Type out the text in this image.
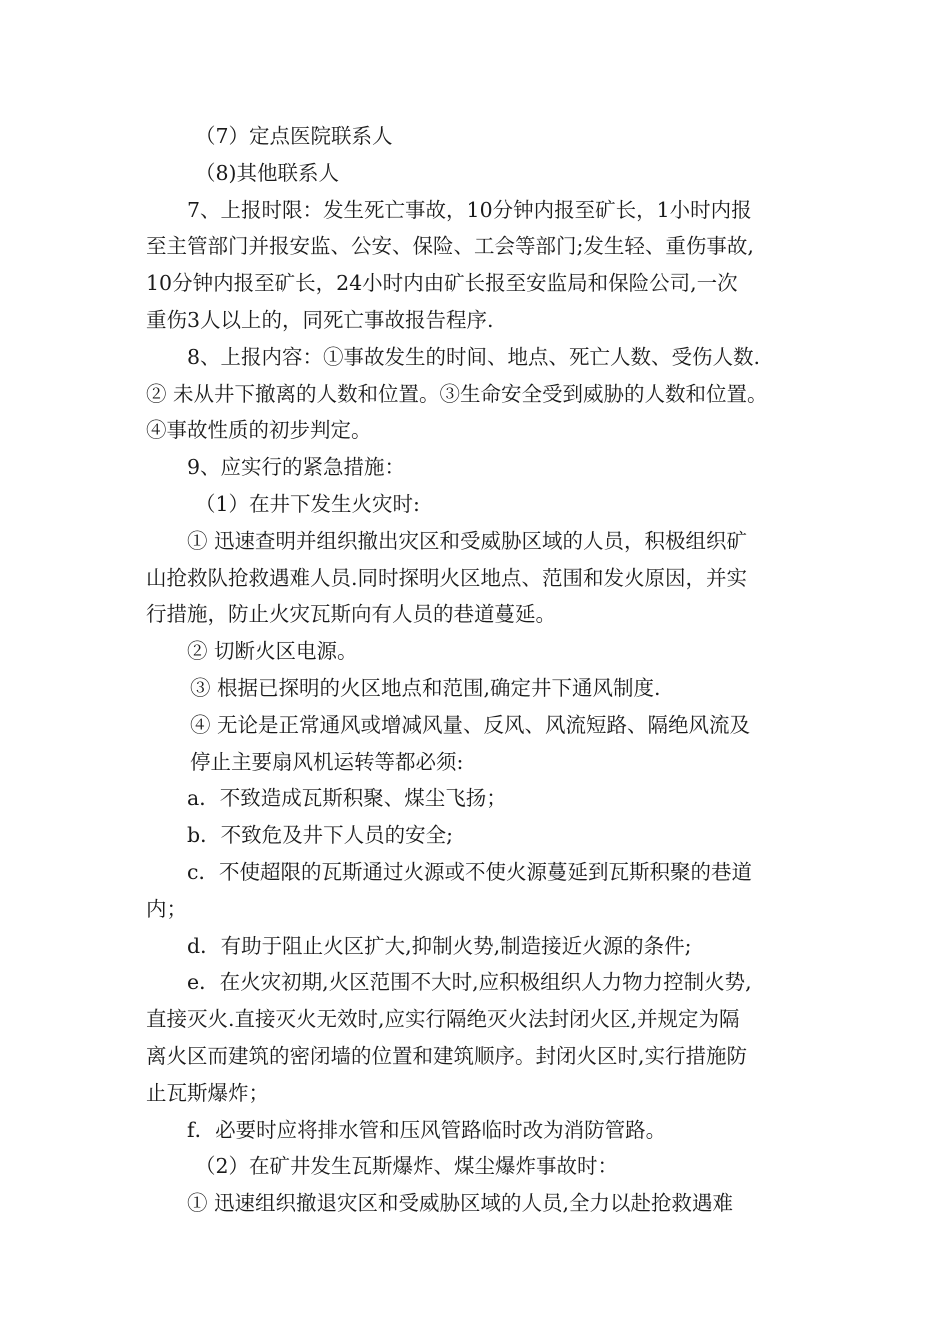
（7）定点医院联系人
（8)其他联系人
7、上报时限：发生死亡事故，10分钟内报至矿长，1小时内报
至主管部门并报安监、公安、保险、工会等部门;发生轻、重伤事故,
10分钟内报至矿长，24小时内由矿长报至安监局和保险公司,一次
重伤3人以上的，同死亡事故报告程序.
8、上报内容：①事故发生的时间、地点、死亡人数、受伤人数.
② 未从井下撤离的人数和位置。③生命安全受到威胁的人数和位置。
④事故性质的初步判定。
9、应实行的紧急措施：
（1）在井下发生火灾时:
① 迅速查明并组织撤出灾区和受威胁区域的人员，积极组织矿
山抢救队抢救遇难人员.同时探明火区地点、范围和发火原因，并实
行措施，防止火灾瓦斯向有人员的巷道蔓延。
② 切断火区电源。
③ 根据已探明的火区地点和范围,确定井下通风制度.
④ 无论是正常通风或增减风量、反风、风流短路、隔绝风流及
停止主要扇风机运转等都必须:
a．不致造成瓦斯积聚、煤尘飞扬；
b．不致危及井下人员的安全;
c．不使超限的瓦斯通过火源或不使火源蔓延到瓦斯积聚的巷道
内；
d．有助于阻止火区扩大,抑制火势,制造接近火源的条件;
e．在火灾初期,火区范围不大时,应积极组织人力物力控制火势,
直接灭火.直接灭火无效时,应实行隔绝灭火法封闭火区,并规定为隔
离火区而建筑的密闭墙的位置和建筑顺序。封闭火区时,实行措施防
止瓦斯爆炸；
f．必要时应将排水管和压风管路临时改为消防管路。
（2）在矿井发生瓦斯爆炸、煤尘爆炸事故时：
① 迅速组织撤退灾区和受威胁区域的人员,全力以赴抢救遇难
